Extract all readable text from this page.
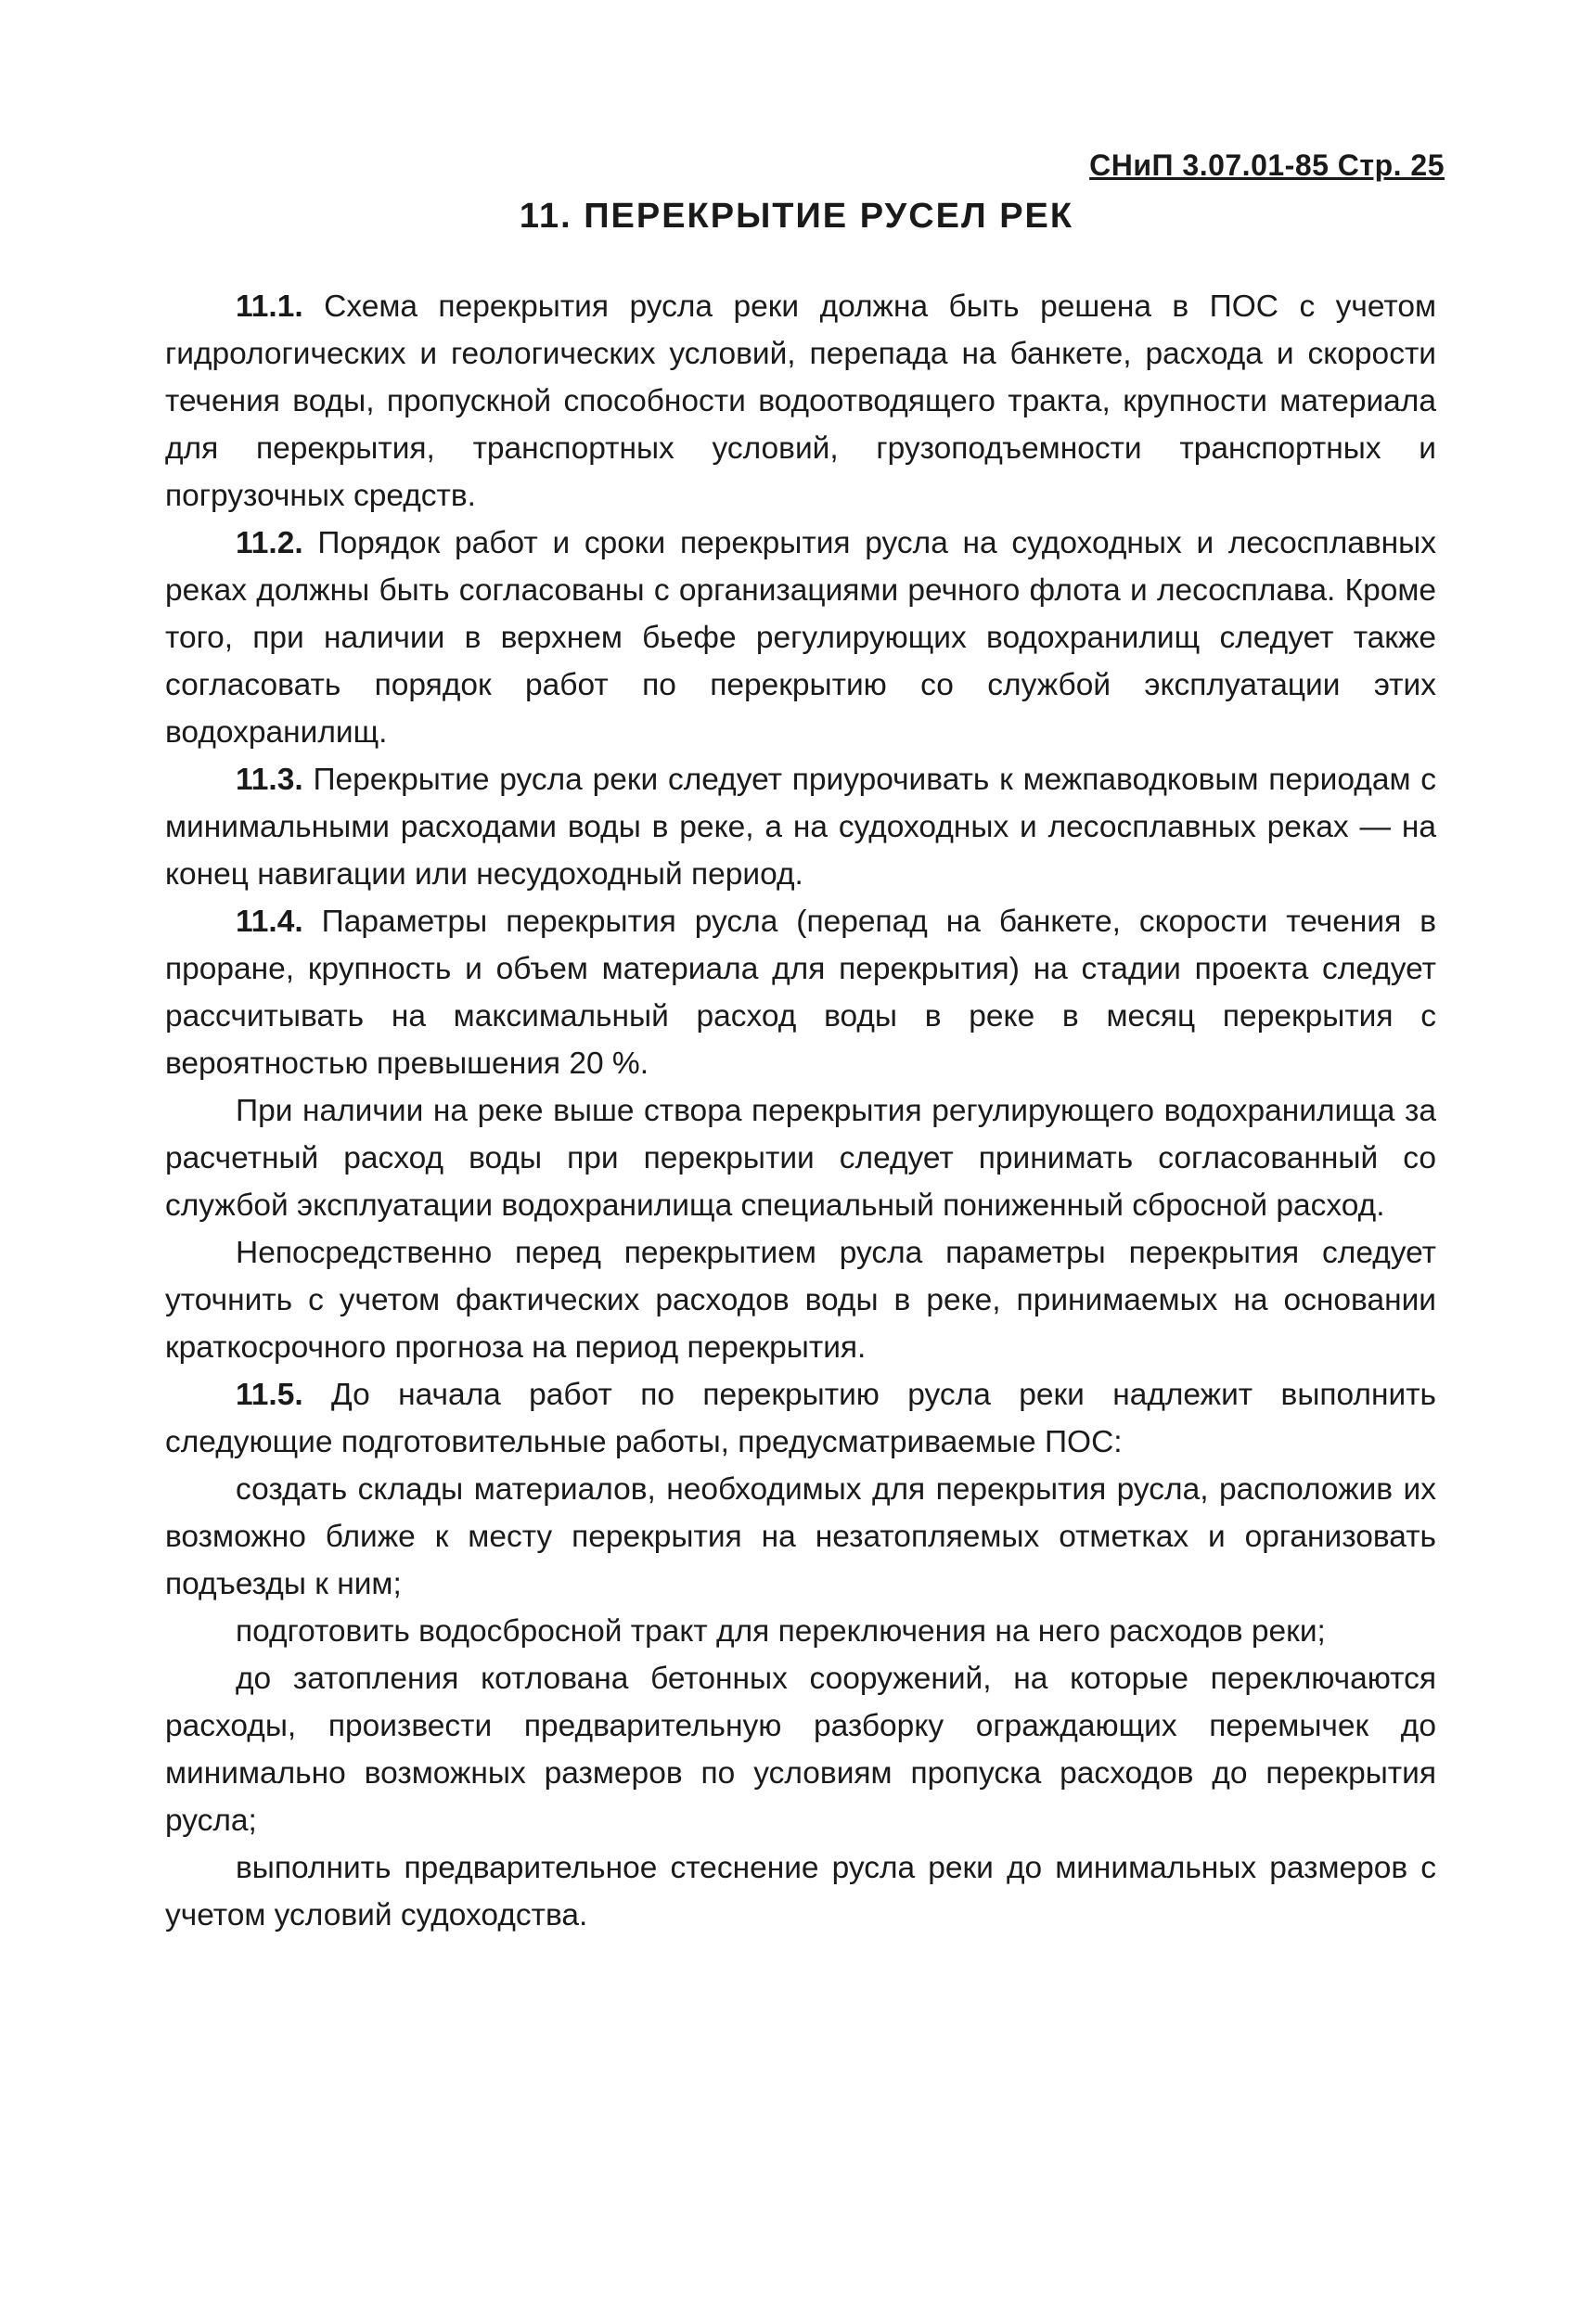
СНиП 3.07.01-85 Стр. 25
11. ПЕРЕКРЫТИЕ РУСЕЛ РЕК

11.1. Схема перекрытия русла реки должна быть решена в ПОС с учетом гидрологических и геологических условий, перепада на банкете, расхода и скорости течения воды, пропускной способности водоотводящего тракта, крупности материала для перекрытия, транспортных условий, грузоподъемности транспортных и погрузочных средств.

11.2. Порядок работ и сроки перекрытия русла на судоходных и лесосплавных реках должны быть согласованы с организациями речного флота и лесосплава. Кроме того, при наличии в верхнем бьефе регулирующих водохранилищ следует также согласовать порядок работ по перекрытию со службой эксплуатации этих водохранилищ.

11.3. Перекрытие русла реки следует приурочивать к межпаводковым периодам с минимальными расходами воды в реке, а на судоходных и лесосплавных реках — на конец навигации или несудоходный период.

11.4. Параметры перекрытия русла (перепад на банкете, скорости течения в проране, крупность и объем материала для перекрытия) на стадии проекта следует рассчитывать на максимальный расход воды в реке в месяц перекрытия с вероятностью превышения 20 %.

При наличии на реке выше створа перекрытия регулирующего водохранилища за расчетный расход воды при перекрытии следует принимать согласованный со службой эксплуатации водохранилища специальный пониженный сбросной расход.

Непосредственно перед перекрытием русла параметры перекрытия следует уточнить с учетом фактических расходов воды в реке, принимаемых на основании краткосрочного прогноза на период перекрытия.

11.5. До начала работ по перекрытию русла реки надлежит выполнить следующие подготовительные работы, предусматриваемые ПОС:

создать склады материалов, необходимых для перекрытия русла, расположив их возможно ближе к месту перекрытия на незатопляемых отметках и организовать подъезды к ним;

подготовить водосбросной тракт для переключения на него расходов реки;

до затопления котлована бетонных сооружений, на которые переключаются расходы, произвести предварительную разборку ограждающих перемычек до минимально возможных размеров по условиям пропуска расходов до перекрытия русла;

выполнить предварительное стеснение русла реки до минимальных размеров с учетом условий судоходства.
